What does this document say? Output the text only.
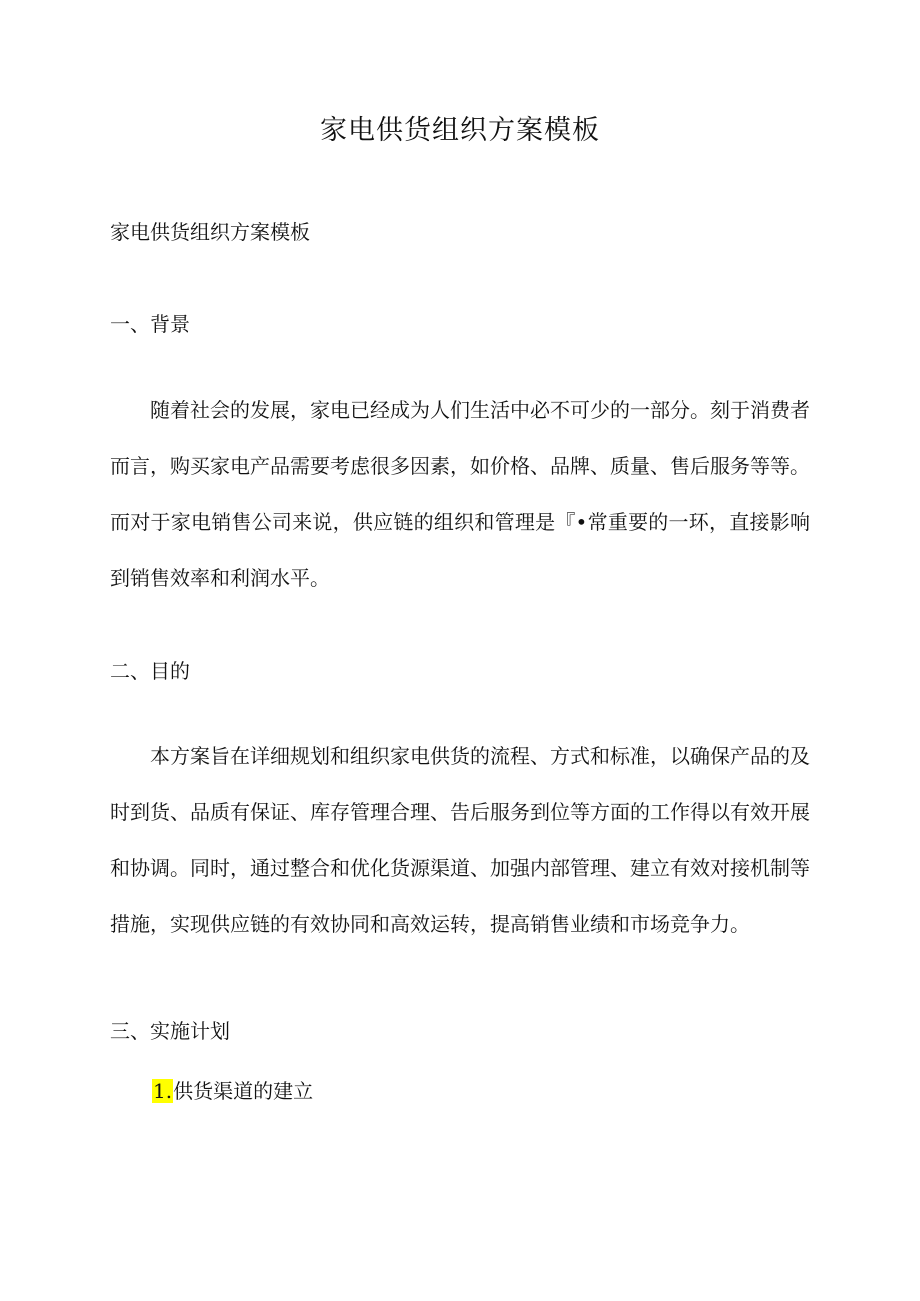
家电供货组织方案模板
家电供货组织方案模板
一、背景
随着社会的发展，家电已经成为人们生活中必不可少的一部分。刻于消费者而言，购买家电产品需要考虑很多因素，如价格、品牌、质量、售后服务等等。而对于家电销售公司来说，供应链的组织和管理是『•常重要的一环，直接影响到销售效率和利润水平。
二、目的
本方案旨在详细规划和组织家电供货的流程、方式和标准，以确保产品的及时到货、品质有保证、库存管理合理、告后服务到位等方面的工作得以有效开展和协调。同时，通过整合和优化货源渠道、加强内部管理、建立有效对接机制等措施，实现供应链的有效协同和高效运转，提高销售业绩和市场竞争力。
三、实施计划
1.供货渠道的建立
